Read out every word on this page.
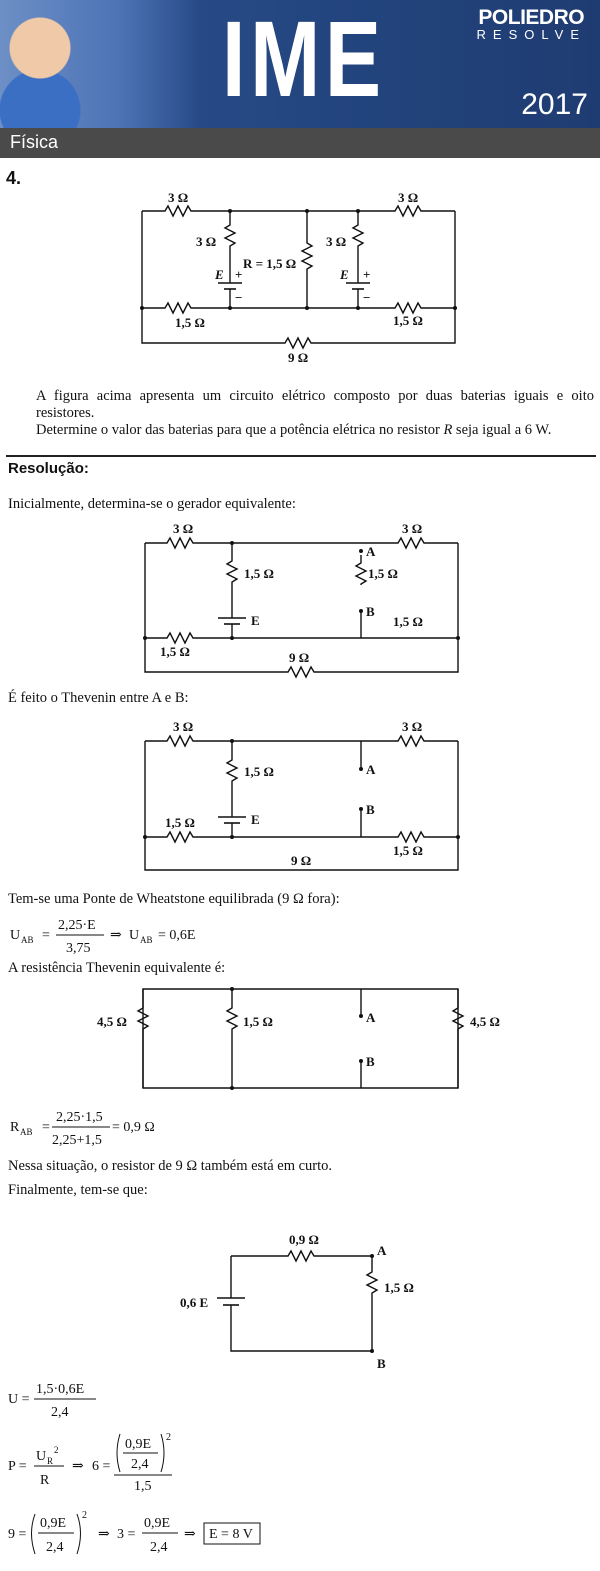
IME	POLIEDRO
RESOLVE
2017
Física
4.
3 Ω	3 Ω
3 Ω	3 Ω
R = 1,5 Ω
E +
−
E +
−
1,5 Ω	1,5 Ω
9 Ω
A figura acima apresenta um circuito elétrico composto por duas baterias iguais e oito resistores.
Determine o valor das baterias para que a potência elétrica no resistor R seja igual a 6 W.
Resolução:
Inicialmente, determina-se o gerador equivalente:
3 Ω	3 Ω
1,5 Ω	1,5 Ω
E
A
B
1,5 Ω
1,5 Ω
9 Ω
É feito o Thevenin entre A e B:
3 Ω	3 Ω
1,5 Ω
1,5 Ω	E
A
B
1,5 Ω
9 Ω
Tem-se uma Ponte de Wheatstone equilibrada (9 Ω fora):
U AB =
2,25·E
3,75
⇒ U AB = 0,6E
A resistência Thevenin equivalente é:
4,5 Ω	1,5 Ω	4,5 Ω
A
B
R AB =
2,25·1,5
2,25+1,5
= 0,9 Ω
Nessa situação, o resistor de 9 Ω também está em curto.
Finalmente, tem-se que:
0,9 Ω
1,5 Ω
0,6 E
A
B
U =
1,5·0,6E
2,4
P =
U R
2
R
⇒ 6 =
0,9E
2,4
2
1,5
9 =
0,9E
2,4
2
⇒ 3 =
0,9E
2,4
⇒ E = 8 V
